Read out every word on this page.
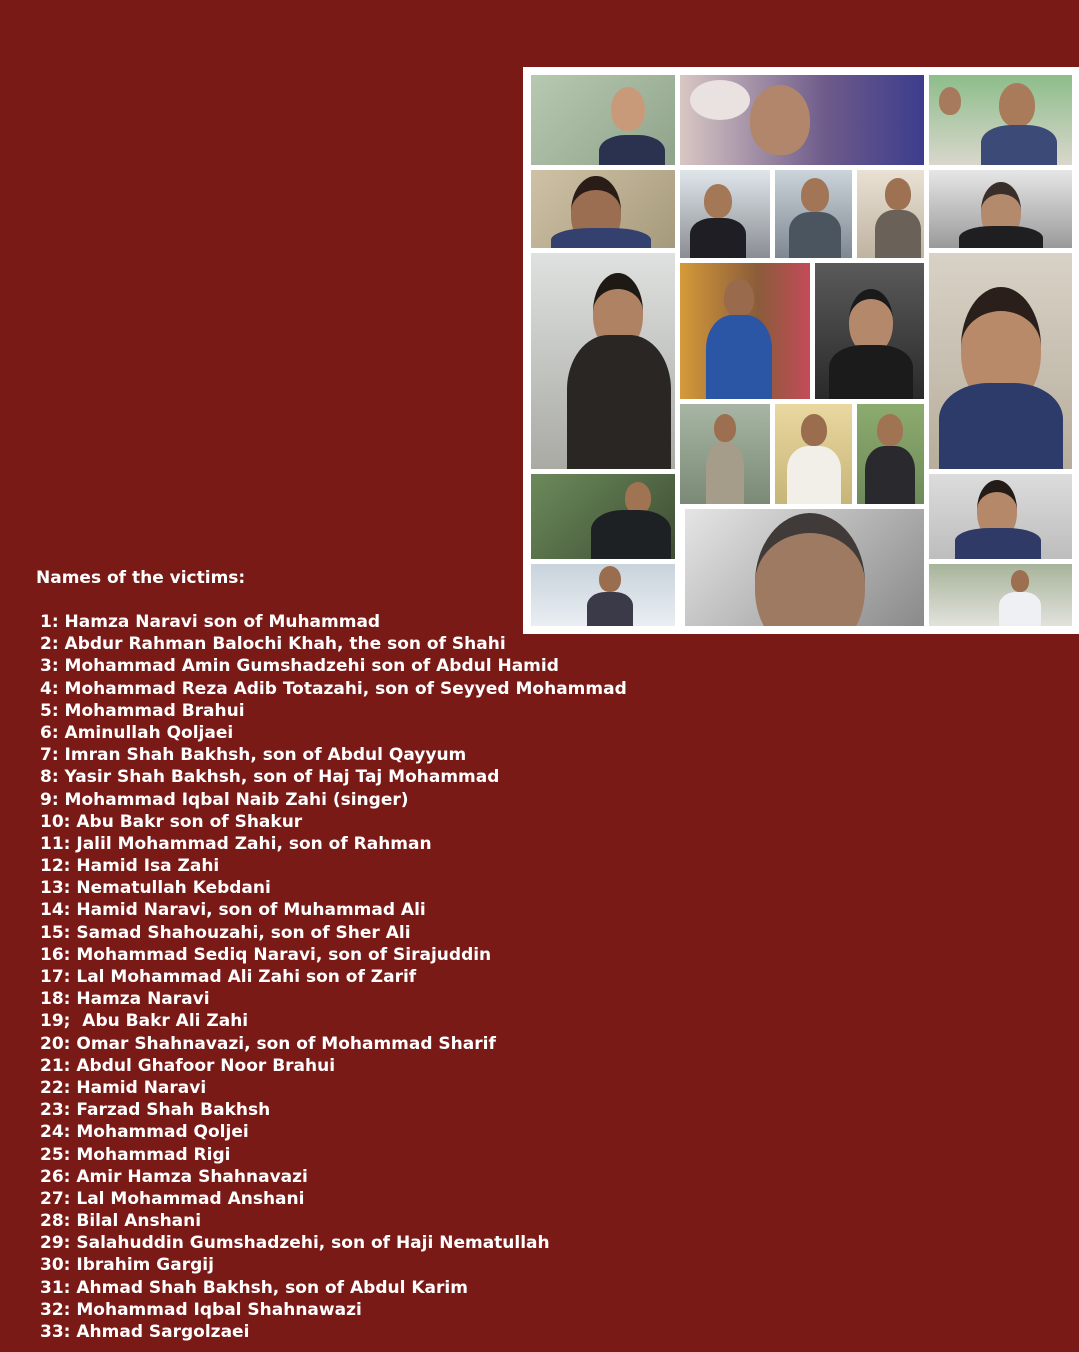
Names of the victims:
1: Hamza Naravi son of Muhammad
2: Abdur Rahman Balochi Khah, the son of Shahi
3: Mohammad Amin Gumshadzehi son of Abdul Hamid
4: Mohammad Reza Adib Totazahi, son of Seyyed Mohammad
5: Mohammad Brahui
6: Aminullah Qoljaei
7: Imran Shah Bakhsh, son of Abdul Qayyum
8: Yasir Shah Bakhsh, son of Haj Taj Mohammad
9: Mohammad Iqbal Naib Zahi (singer)
10: Abu Bakr son of Shakur
11: Jalil Mohammad Zahi, son of Rahman
12: Hamid Isa Zahi
13: Nematullah Kebdani
14: Hamid Naravi, son of Muhammad Ali
15: Samad Shahouzahi, son of Sher Ali
16: Mohammad Sediq Naravi, son of Sirajuddin
17: Lal Mohammad Ali Zahi son of Zarif
18: Hamza Naravi
19;  Abu Bakr Ali Zahi
20: Omar Shahnavazi, son of Mohammad Sharif
21: Abdul Ghafoor Noor Brahui
22: Hamid Naravi
23: Farzad Shah Bakhsh
24: Mohammad Qoljei
25: Mohammad Rigi
26: Amir Hamza Shahnavazi
27: Lal Mohammad Anshani
28: Bilal Anshani
29: Salahuddin Gumshadzehi, son of Haji Nematullah
30: Ibrahim Gargij
31: Ahmad Shah Bakhsh, son of Abdul Karim
32: Mohammad Iqbal Shahnawazi
33: Ahmad Sargolzaei
